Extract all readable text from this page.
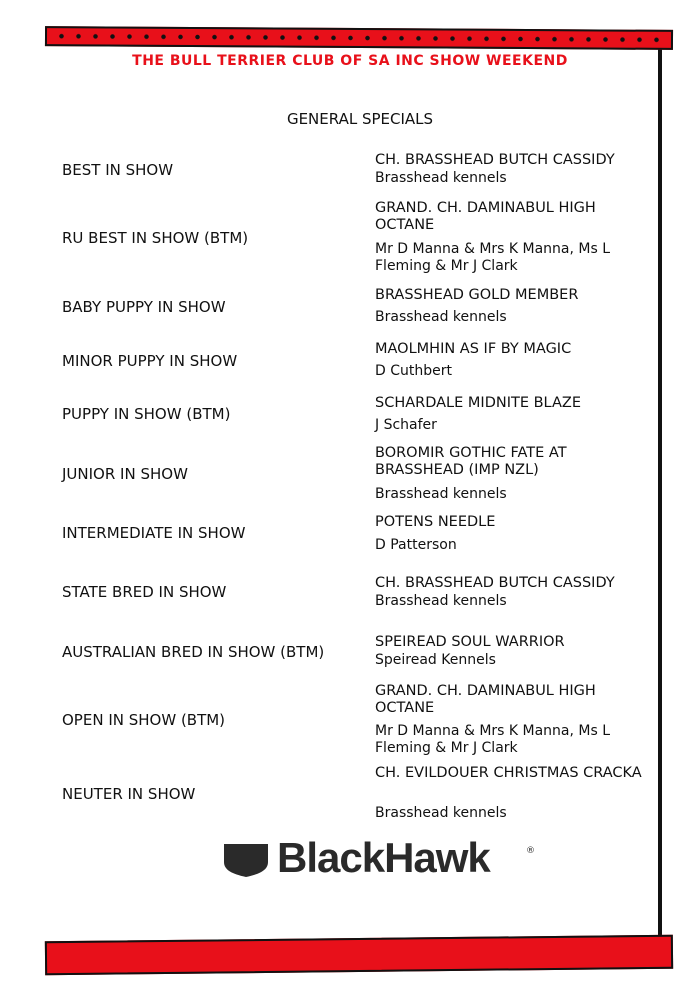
THE BULL TERRIER CLUB OF SA INC SHOW WEEKEND
GENERAL SPECIALS
BEST IN SHOW
CH. BRASSHEAD BUTCH CASSIDY
Brasshead kennels
RU BEST IN SHOW (BTM)
GRAND. CH. DAMINABUL HIGH OCTANE
Mr D Manna & Mrs K Manna, Ms L Fleming & Mr J Clark
BABY PUPPY IN SHOW
BRASSHEAD GOLD MEMBER
Brasshead kennels
MINOR PUPPY IN SHOW
MAOLMHIN AS IF BY MAGIC
D Cuthbert
PUPPY IN SHOW (BTM)
SCHARDALE MIDNITE BLAZE
J Schafer
JUNIOR IN SHOW
BOROMIR GOTHIC FATE AT BRASSHEAD (IMP NZL)
Brasshead kennels
INTERMEDIATE IN SHOW
POTENS NEEDLE
D Patterson
STATE BRED IN SHOW	CH. BRASSHEAD BUTCH CASSIDY
Brasshead kennels
AUSTRALIAN BRED IN SHOW (BTM)
SPEIREAD SOUL WARRIOR
Speiread Kennels
OPEN IN SHOW (BTM)
GRAND. CH. DAMINABUL HIGH OCTANE
Mr D Manna & Mrs K Manna, Ms L Fleming & Mr J Clark
NEUTER IN SHOW
CH. EVILDOUER CHRISTMAS CRACKA
Brasshead kennels
BlackHawk	®
